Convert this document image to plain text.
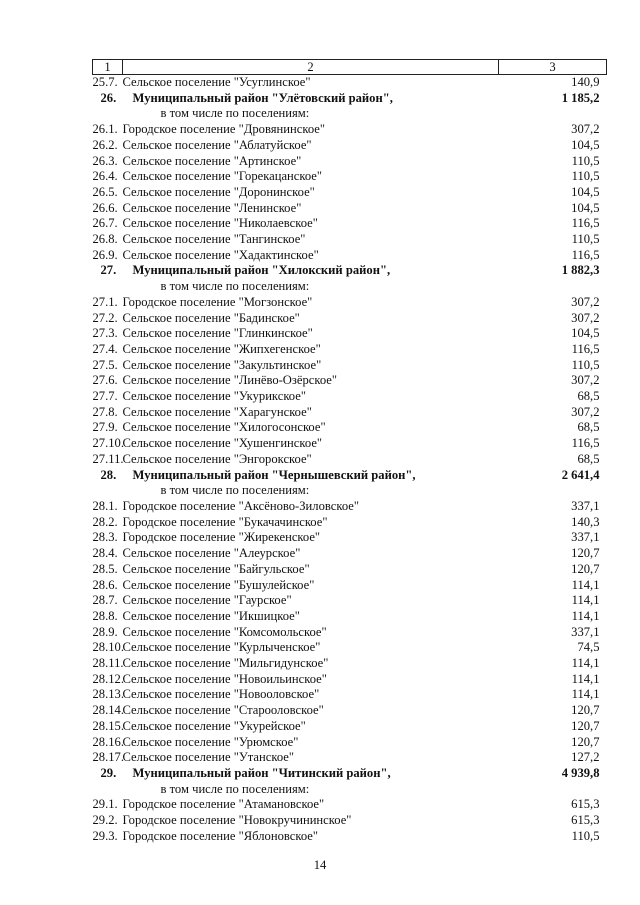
1	2	3
25.7.	Сельское поселение "Усуглинское"	140,9
26.	Муниципальный район "Улётовский район",	1 185,2
	в том числе по поселениям:	
26.1.	Городское поселение "Дровянинское"	307,2
26.2.	Сельское поселение "Аблатуйское"	104,5
26.3.	Сельское поселение "Артинское"	110,5
26.4.	Сельское поселение "Горекацанское"	110,5
26.5.	Сельское поселение "Доронинское"	104,5
26.6.	Сельское поселение "Ленинское"	104,5
26.7.	Сельское поселение "Николаевское"	116,5
26.8.	Сельское поселение "Тангинское"	110,5
26.9.	Сельское поселение "Хадактинское"	116,5
27.	Муниципальный район "Хилокский район",	1 882,3
	в том числе по поселениям:	
27.1.	Городское поселение "Могзонское"	307,2
27.2.	Сельское поселение "Бадинское"	307,2
27.3.	Сельское поселение "Глинкинское"	104,5
27.4.	Сельское поселение "Жипхегенское"	116,5
27.5.	Сельское поселение "Закультинское"	110,5
27.6.	Сельское поселение "Линёво-Озёрское"	307,2
27.7.	Сельское поселение "Укурикское"	68,5
27.8.	Сельское поселение "Харагунское"	307,2
27.9.	Сельское поселение "Хилогосонское"	68,5
27.10.	Сельское поселение "Хушенгинское"	116,5
27.11.	Сельское поселение "Энгорокское"	68,5
28.	Муниципальный район "Чернышевский район",	2 641,4
	в том числе по поселениям:	
28.1.	Городское поселение "Аксёново-Зиловское"	337,1
28.2.	Городское поселение "Букачачинское"	140,3
28.3.	Городское поселение "Жирекенское"	337,1
28.4.	Сельское поселение "Алеурское"	120,7
28.5.	Сельское поселение "Байгульское"	120,7
28.6.	Сельское поселение "Бушулейское"	114,1
28.7.	Сельское поселение "Гаурское"	114,1
28.8.	Сельское поселение "Икшицкое"	114,1
28.9.	Сельское поселение "Комсомольское"	337,1
28.10.	Сельское поселение "Курлыченское"	74,5
28.11.	Сельское поселение "Мильгидунское"	114,1
28.12.	Сельское поселение "Новоильинское"	114,1
28.13.	Сельское поселение "Новооловское"	114,1
28.14.	Сельское поселение "Старооловское"	120,7
28.15.	Сельское поселение "Укурейское"	120,7
28.16.	Сельское поселение "Урюмское"	120,7
28.17.	Сельское поселение "Утанское"	127,2
29.	Муниципальный район "Читинский район",	4 939,8
	в том числе по поселениям:	
29.1.	Городское поселение "Атамановское"	615,3
29.2.	Городское поселение "Новокручининское"	615,3
29.3.	Городское поселение "Яблоновское"	110,5
14
